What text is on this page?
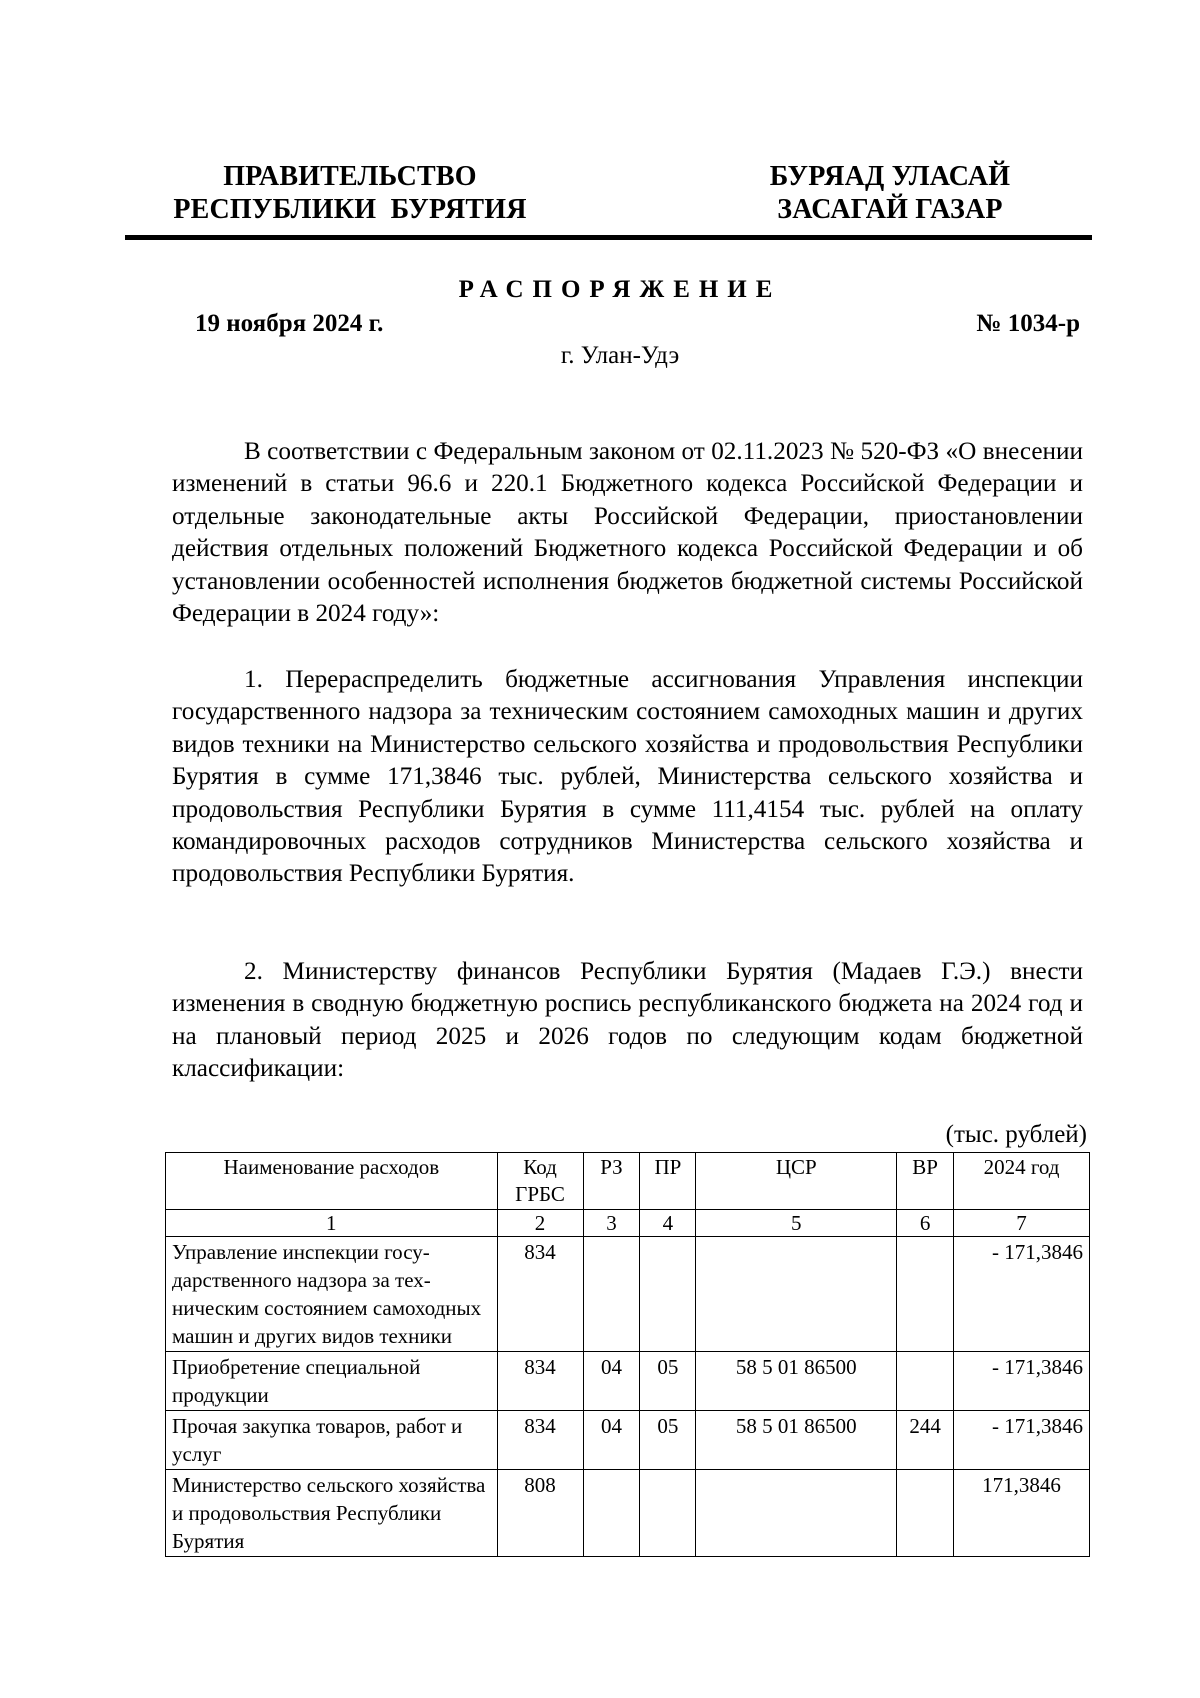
ПРАВИТЕЛЬСТВО
РЕСПУБЛИКИ  БУРЯТИЯ
БУРЯАД УЛАСАЙ
ЗАСАГАЙ ГАЗАР
РАСПОРЯЖЕНИЕ
19 ноября 2024 г.	№ 1034-р
г. Улан-Удэ
В соответствии с Федеральным законом от 02.11.2023 № 520-ФЗ «О внесении изменений в статьи 96.6 и 220.1 Бюджетного кодекса Российской Федерации и отдельные законодательные акты Российской Федерации, приостановлении действия отдельных положений Бюджетного кодекса Российской Федерации и об установлении особенностей исполнения бюджетов бюджетной системы Российской Федерации в 2024 году»:
1. Перераспределить бюджетные ассигнования Управления инспекции государственного надзора за техническим состоянием самоходных машин и других видов техники на Министерство сельского хозяйства и продовольствия Республики Бурятия в сумме 171,3846 тыс. рублей, Министерства сельского хозяйства и продовольствия Республики Бурятия в сумме 111,4154 тыс. рублей на оплату командировочных расходов сотрудников Министерства сельского хозяйства и продовольствия Республики Бурятия.
2. Министерству финансов Республики Бурятия (Мадаев Г.Э.) внести изменения в сводную бюджетную роспись республиканского бюджета на 2024 год и на плановый период 2025 и 2026 годов по следующим кодам бюджетной классификации:
(тыс. рублей)
Наименование расходов	Код ГРБС	РЗ	ПР	ЦСР	ВР	2024 год
1	2	3	4	5	6	7
Управление инспекции государственного надзора за техническим состоянием самоходных машин и других видов техники	834					- 171,3846
Приобретение специальной продукции	834	04	05	58 5 01 86500		- 171,3846
Прочая закупка товаров, работ и услуг	834	04	05	58 5 01 86500	244	- 171,3846
Министерство сельского хозяйства и продовольствия Республики Бурятия	808					171,3846
